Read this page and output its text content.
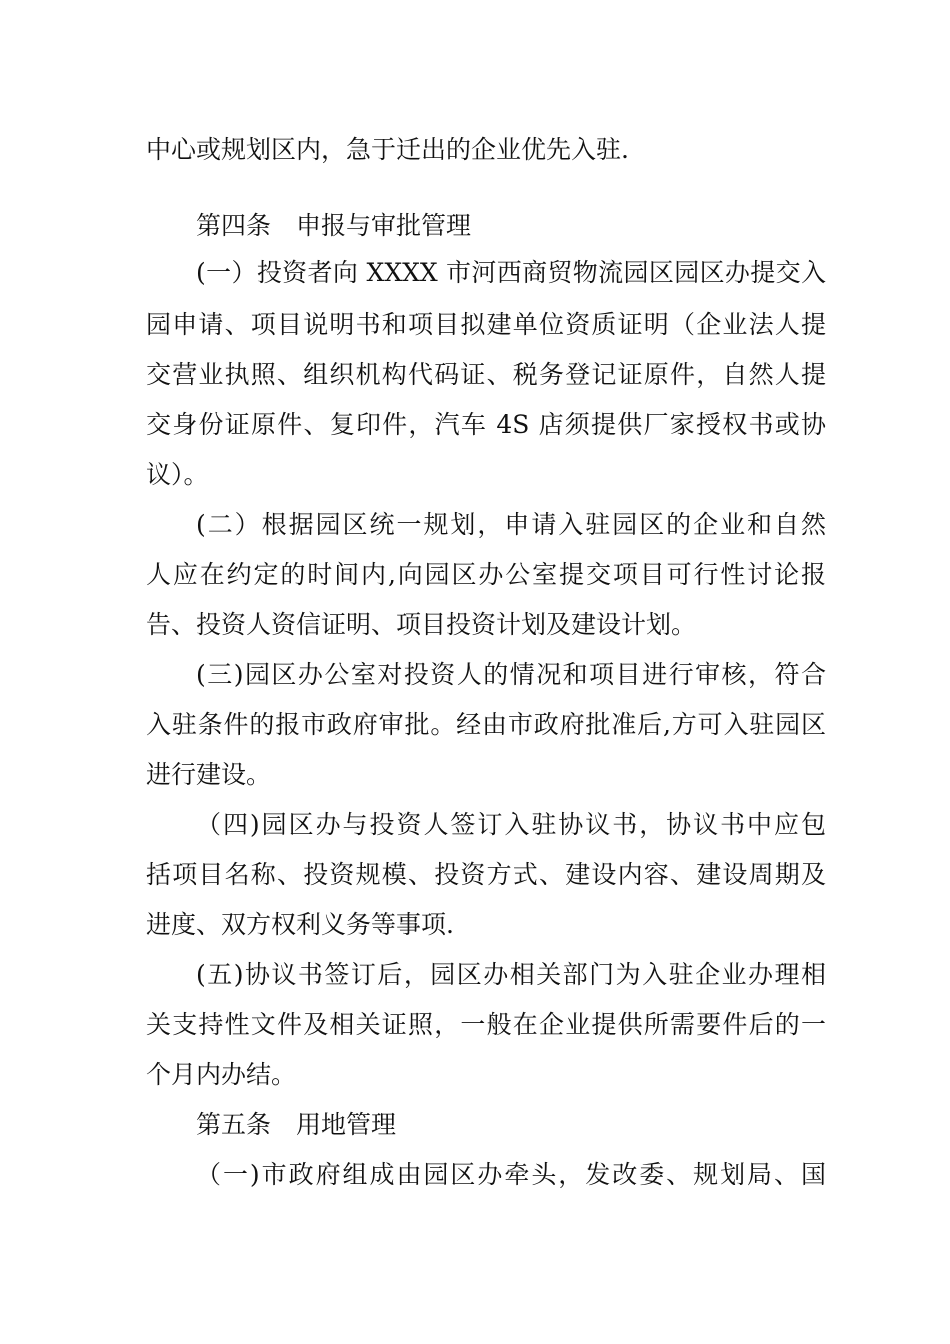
中心或规划区内，急于迁出的企业优先入驻.

第四条　申报与审批管理

(一）投资者向 XXXX 市河西商贸物流园区园区办提交入

园申请、项目说明书和项目拟建单位资质证明（企业法人提

交营业执照、组织机构代码证、税务登记证原件，自然人提

交身份证原件、复印件，汽车 4S 店须提供厂家授权书或协

议）。

(二）根据园区统一规划，申请入驻园区的企业和自然

人应在约定的时间内,向园区办公室提交项目可行性讨论报

告、投资人资信证明、项目投资计划及建设计划。

(三)园区办公室对投资人的情况和项目进行审核，符合

入驻条件的报市政府审批。经由市政府批准后,方可入驻园区

进行建设。

（四)园区办与投资人签订入驻协议书，协议书中应包

括项目名称、投资规模、投资方式、建设内容、建设周期及

进度、双方权利义务等事项.

(五)协议书签订后，园区办相关部门为入驻企业办理相

关支持性文件及相关证照，一般在企业提供所需要件后的一

个月内办结。

第五条　用地管理

（一)市政府组成由园区办牵头，发改委、规划局、国
